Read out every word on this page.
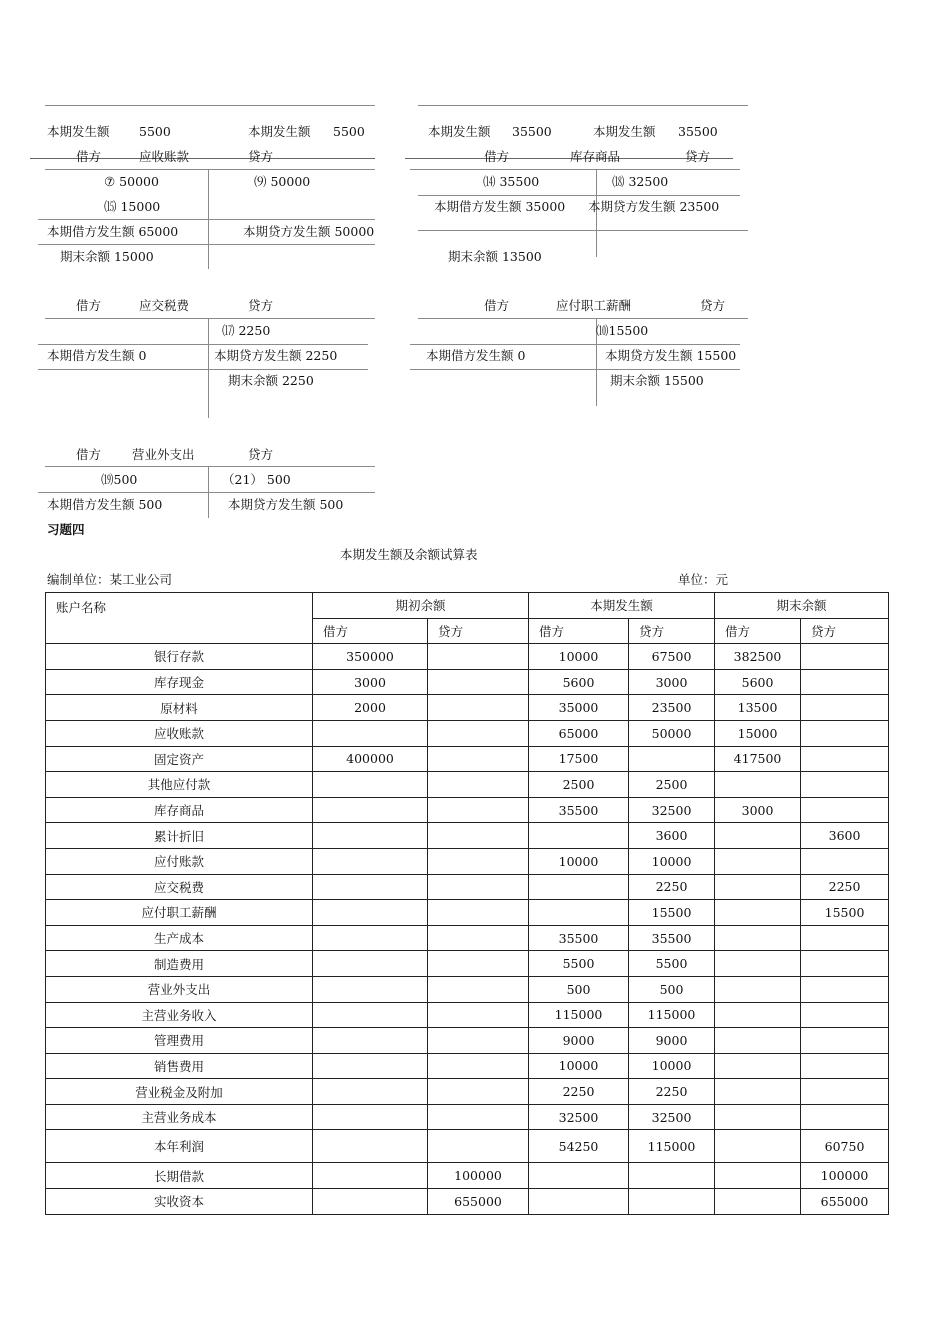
本期发生额 5500	本期发生额 5500	本期发生额 35500	本期发生额 35500
借方	应收账款	贷方
⑦ 50000	⑼ 50000
⒂ 15000
本期借方发生额 65000	本期贷方发生额 50000
期末余额 15000
借方	库存商品	贷方
⒁ 35500	⒅ 32500
本期借方发生额 35000 本期贷方发生额 23500
期末余额 13500
借方	应交税费	贷方
⒄ 2250
本期借方发生额 0	本期贷方发生额 2250
期末余额 2250
借方	应付职工薪酬	贷方
⑽15500
本期借方发生额 0	本期贷方发生额 15500
期末余额 15500
借方 营业外支出	贷方
⒆500	（21） 500
本期借方发生额 500	本期贷方发生额 500
习题四
本期发生额及余额试算表
编制单位：某工业公司	单位：元
账户名称	期初余额		本期发生额		期末余额	
	借方	贷方	借方	贷方	借方	贷方
银行存款	350000		10000	67500	382500	
库存现金	3000		5600	3000	5600	
原材料	2000		35000	23500	13500	
应收账款			65000	50000	15000	
固定资产	400000		17500		417500	
其他应付款			2500	2500		
库存商品			35500	32500	3000	
累计折旧				3600		3600
应付账款			10000	10000		
应交税费				2250		2250
应付职工薪酬				15500		15500
生产成本			35500	35500		
制造费用			5500	5500		
营业外支出			500	500		
主营业务收入			115000	115000		
管理费用			9000	9000		
销售费用			10000	10000		
营业税金及附加			2250	2250		
主营业务成本			32500	32500		
本年利润			54250	115000		60750
长期借款		100000				100000
实收资本		655000				655000
